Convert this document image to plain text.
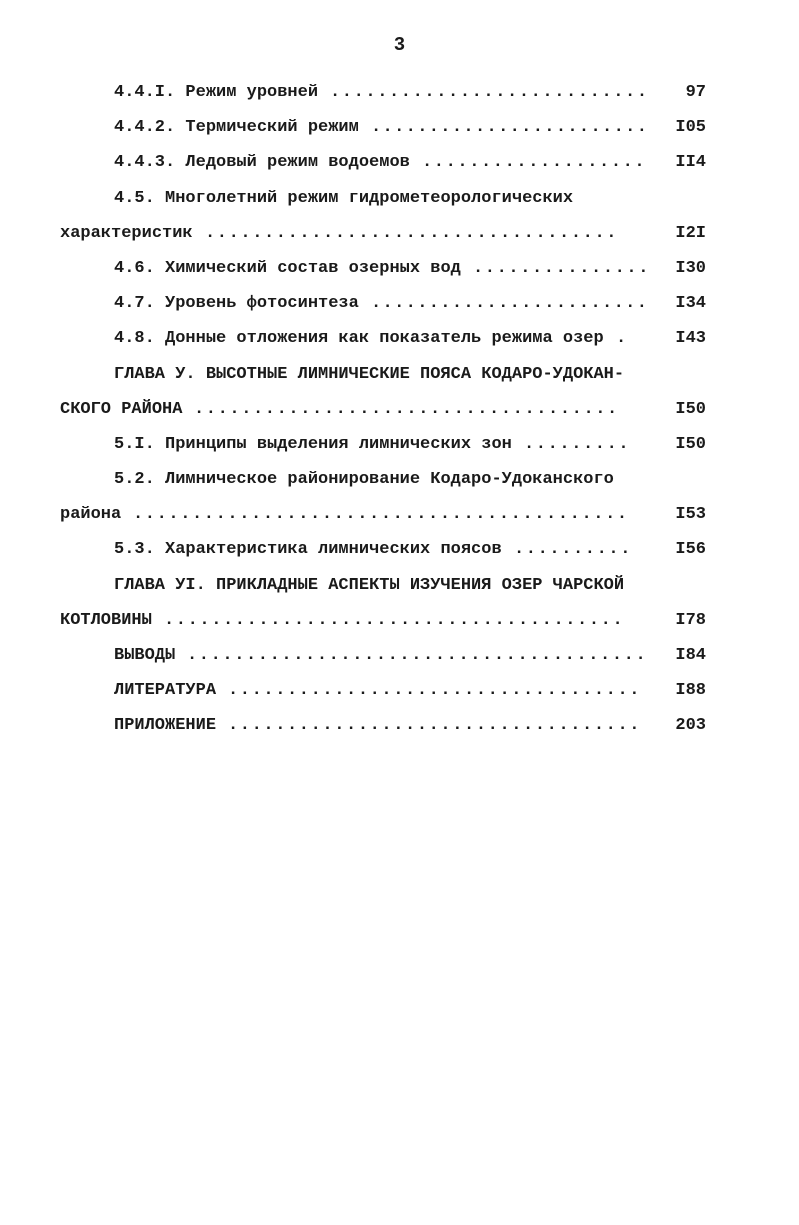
3
4.4.I. Режим уровней ...........................	97
4.4.2. Термический режим ........................	I05
4.4.3. Ледовый режим водоемов ...................	II4
4.5. Многолетний режим гидрометеорологических
характеристик ...................................	I2I
4.6. Химический состав озерных вод ...............	I30
4.7. Уровень фотосинтеза ........................	I34
4.8. Донные отложения как показатель режима озер .	I43
ГЛАВА У. ВЫСОТНЫЕ ЛИМНИЧЕСКИЕ ПОЯСА КОДАРО-УДОКАН-
СКОГО РАЙОНА ....................................	I50
5.I. Принципы выделения лимнических зон .........	I50
5.2. Лимническое районирование Кодаро-Удоканского
района ..........................................	I53
5.3. Характеристика лимнических поясов ..........	I56
ГЛАВА УI. ПРИКЛАДНЫЕ АСПЕКТЫ ИЗУЧЕНИЯ ОЗЕР ЧАРСКОЙ
КОТЛОВИНЫ .......................................	I78
ВЫВОДЫ .......................................	I84
ЛИТЕРАТУРА ...................................	I88
ПРИЛОЖЕНИЕ ...................................	203
